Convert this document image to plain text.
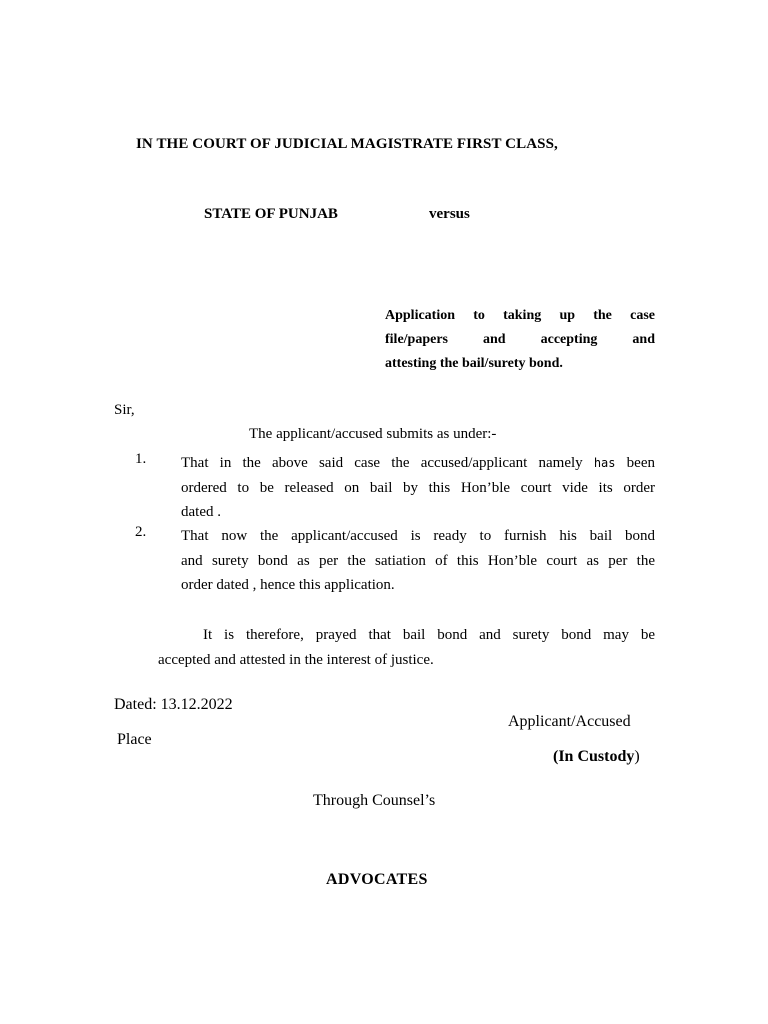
IN THE COURT OF JUDICIAL MAGISTRATE FIRST CLASS,
STATE OF PUNJAB	versus
Application to taking up the case
file/papers and accepting and
attesting the bail/surety bond.
Sir,
The applicant/accused submits as under:-
1. That in the above said case the accused/applicant namely has been
ordered to be released on bail by this Hon’ble court vide its order
dated .
2. That now the applicant/accused is ready to furnish his bail bond
and surety bond as per the satiation of this Hon’ble court as per the
order dated , hence this application.
It is therefore, prayed that bail bond and surety bond may be
accepted and attested in the interest of justice.
Dated: 13.12.2022
Applicant/Accused
Place
(In Custody)
Through Counsel’s
ADVOCATES
